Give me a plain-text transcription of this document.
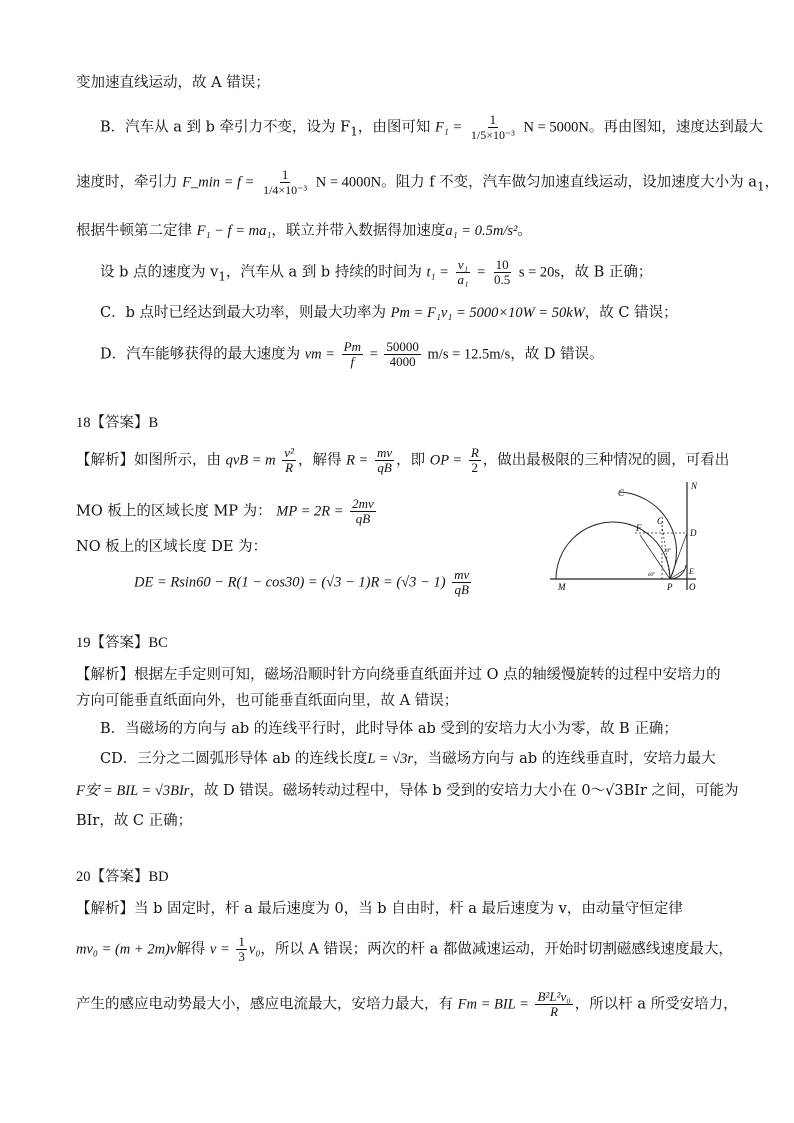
变加速直线运动，故 A 错误；
B．汽车从 a 到 b 牵引力不变，设为 $F_1$，由图可知 $F_1 = \frac{1}{\text{1/5×10⁻³}}$ N = 5000N。再由图知，速度达到最大
速度时，牵引力 F_min = $f = \frac{1}{\text{1/4×10⁻³}}$ N = 4000N。阻力 f 不变，汽车做匀加速直线运动，设加速度大小为 $a_1$，
根据牛顿第二定律 F₁ − f = ma₁，联立并带入数据得加速度a₁ = 0.5m/s²。
设 b 点的速度为 $v_1$，汽车从 a 到 b 持续的时间为 $t_1 = \frac{\text{v₁}}{\text{a₁}} = \frac{10}{0.5}$ s = 20s，故 B 正确；
C．b 点时已经达到最大功率，则最大功率为 Pm = F₁v₁ = 5000×10W = 50kW，故 C 错误；
D．汽车能够获得的最大速度为 vm = $\frac{Pm}{f} = \frac{50000}{4000} m/s = 12.5m/s$，故 D 错误。
18【答案】B
【解析】如图所示，由 qvB = m $\frac{\text{v²}}{R}$ ，解得 $R = \frac{mv}{qB}$ ，即 OP = $\frac{R}{2}$ ，做出最极限的三种情况的圆，可看出
MO 板上的区域长度 MP 为： MP = $2R = \frac{2mv}{qB}$
NO 板上的区域长度 DE 为：
DE = $Rsin60 - R(1 - \cos 30) = (√3 - 1)R = (√3 - 1) \frac{mv}{qB}$
C
N
F
G
D
E
M	P O
30°
60°
19【答案】BC
【解析】根据左手定则可知，磁场沿顺时针方向绕垂直纸面并过 O 点的轴缓慢旋转的过程中安培力的
方向可能垂直纸面向外，也可能垂直纸面向里，故 A 错误；
B．当磁场的方向与 ab 的连线平行时，此时导体 ab 受到的安培力大小为零，故 B 正确；
CD．三分之二圆弧形导体 ab 的连线长度L = √3r，当磁场方向与 ab 的连线垂直时，安培力最大
F安 = BIL = √3BIr，故 D 错误。磁场转动过程中，导体 b 受到的安培力大小在 0～√3BIr 之间，可能为
BIr，故 C 正确；
20【答案】BD
【解析】当 b 固定时，杆 a 最后速度为 0，当 b 自由时，杆 a 最后速度为 v，由动量守恒定律
mv₀ = (m + 2m)v解得 $v = \frac{1}{3} v_0$，所以 A 错误；两次的杆 a 都做减速运动，开始时切割磁感线速度最大，
产生的感应电动势最大小，感应电流最大，安培力最大，有 Fm = BIL = $\frac{\text{B²L²v₀}}{R}$ ，所以杆 a 所受安培力，
